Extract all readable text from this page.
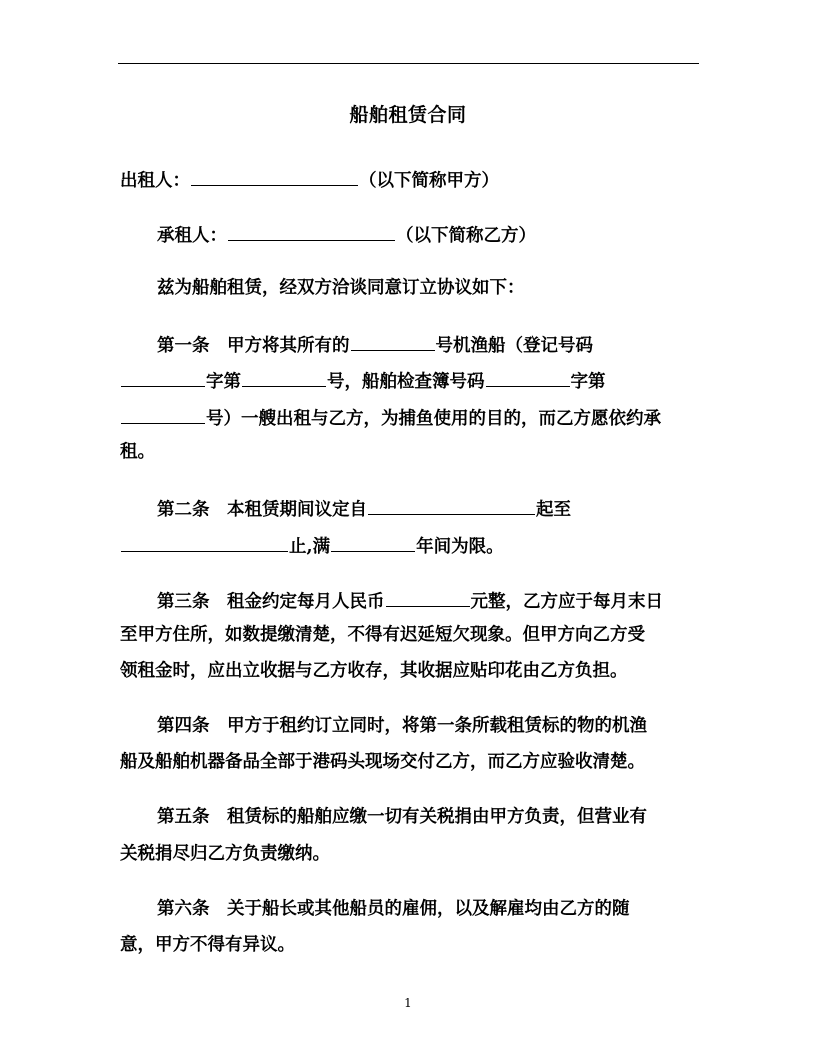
船舶租赁合同
出租人：	（以下简称甲方）
承租人：	（以下简称乙方）
兹为船舶租赁，经双方洽谈同意订立协议如下：
第一条　甲方将其所有的	号机渔船（登记号码
字第	号，船舶检查簿号码	字第
号）一艘出租与乙方，为捕鱼使用的目的，而乙方愿依约承
租。
第二条　本租赁期间议定自	起至
止,满	年间为限。
第三条　租金约定每月人民币	元整，乙方应于每月末日
至甲方住所，如数提缴清楚，不得有迟延短欠现象。但甲方向乙方受
领租金时，应出立收据与乙方收存，其收据应贴印花由乙方负担。
第四条　甲方于租约订立同时，将第一条所载租赁标的物的机渔
船及船舶机器备品全部于港码头现场交付乙方，而乙方应验收清楚。
第五条　租赁标的船舶应缴一切有关税捐由甲方负责，但营业有
关税捐尽归乙方负责缴纳。
第六条　关于船长或其他船员的雇佣，以及解雇均由乙方的随
意，甲方不得有异议。
1
